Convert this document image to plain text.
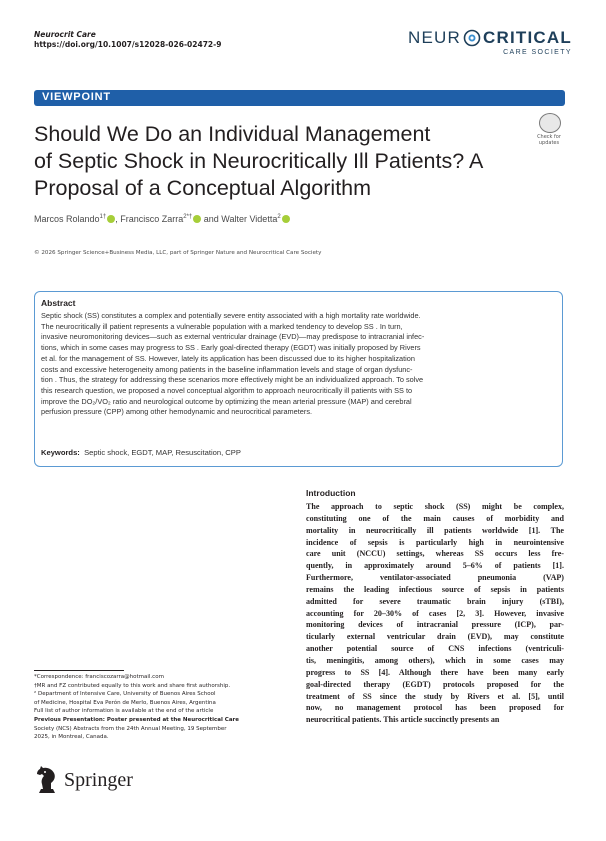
Neurocrit Care
https://doi.org/10.1007/s12028-026-02472-9	NEUR CRITICAL
CARE SOCIETY
VIEWPOINT
Check for
updates
Should We Do an Individual Management
of Septic Shock in Neurocritically Ill Patients? A
Proposal of a Conceptual Algorithm
Marcos Rolando$^{1\dagger}$ , Francisco Zarra$^{2*\dagger}$ and Walter Videtta$^2$
© 2026 Springer Science+Business Media, LLC, part of Springer Nature and Neurocritical Care Society
Abstract

Septic shock (SS) constitutes a complex and potentially severe entity associated with a high mortality rate worldwide.

The neurocritically ill patient represents a vulnerable population with a marked tendency to develop SS . In turn,

invasive neuromonitoring devices—such as external ventricular drainage (EVD)—may predispose to intracranial infec-

tions, which in some cases may progress to SS . Early goal-directed therapy (EGDT) was initially proposed by Rivers

et al. for the management of SS. However, lately its application has been discussed due to its higher hospitalization

costs and excessive heterogeneity among patients in the baseline inflammation levels and stage of organ dysfunc-

tion . Thus, the strategy for addressing these scenarios more effectively might be an individualized approach. To solve

this research question, we proposed a novel conceptual algorithm to approach neurocritically ill patients with SS to

improve the DO₂/VO₂ ratio and neurological outcome by optimizing the mean arterial pressure (MAP) and cerebral

perfusion pressure (CPP) among other hemodynamic and neurocritical parameters.

Keywords: Septic shock, EGDT, MAP, Resuscitation, CPP
Introduction

The approach to septic shock (SS) might be complex,

constituting one of the main causes of morbidity and

mortality in neurocritically ill patients worldwide [1]. The

incidence of sepsis is particularly high in neurointensive

care unit (NCCU) settings, whereas SS occurs less fre-

quently, in approximately around 5–6% of patients [1].

Furthermore, ventilator-associated pneumonia (VAP)

remains the leading infectious source of sepsis in patients

admitted for severe traumatic brain injury (sTBI),

accounting for 20–30% of cases [2, 3]. However, invasive

monitoring devices of intracranial pressure (ICP), par-

ticularly external ventricular drain (EVD), may constitute

another potential source of CNS infections (ventriculi-

tis, meningitis, among others), which in some cases may

progress to SS [4]. Although there have been many early

goal-directed therapy (EGDT) protocols proposed for the

treatment of SS since the study by Rivers et al. [5], until

now, no management protocol has been proposed for

neurocritical patients. This article succinctly presents an

*Correspondence: franciscozarra@hotmail.com

†MR and FZ contributed equally to this work and share first authorship.

² Department of Intensive Care, University of Buenos Aires School

of Medicine, Hospital Eva Perón de Merlo, Buenos Aires, Argentina

Full list of author information is available at the end of the article

Previous Presentation: Poster presented at the Neurocritical Care

Society (NCS) Abstracts from the 24th Annual Meeting, 19 September

2025, in Montreal, Canada.

Springer
